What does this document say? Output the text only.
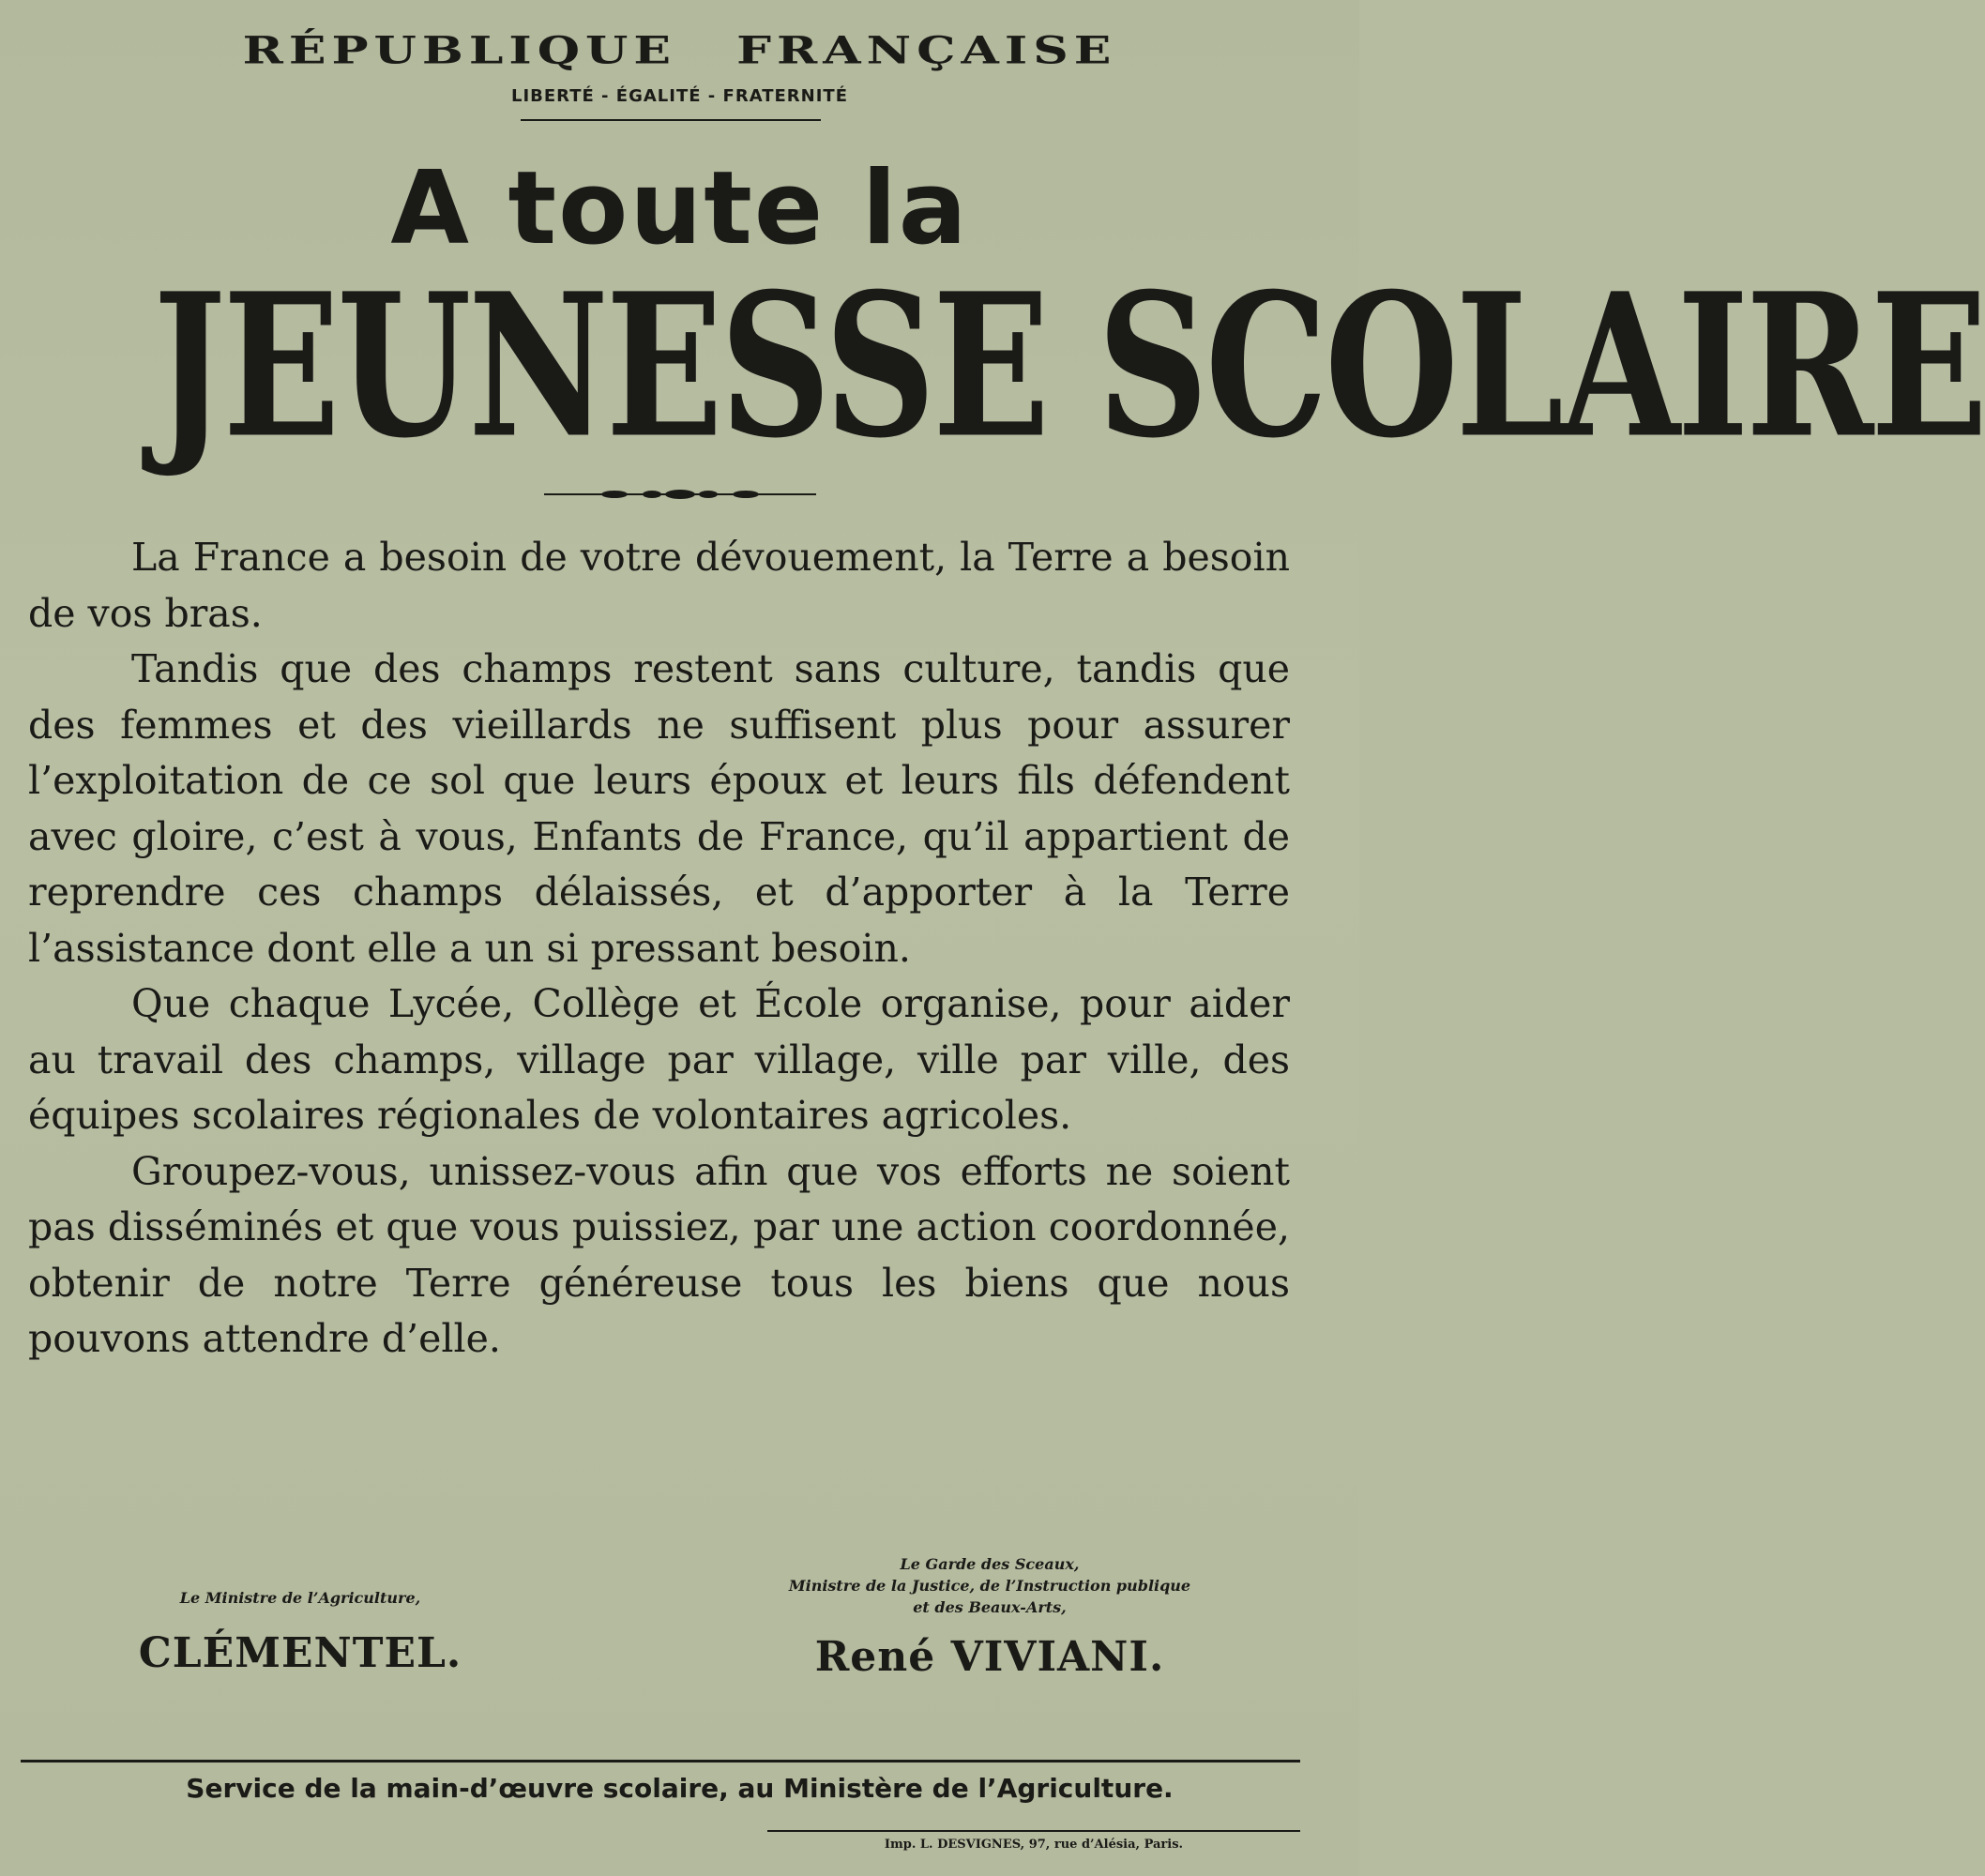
RÉPUBLIQUE FRANÇAISE
LIBERTÉ - ÉGALITÉ - FRATERNITÉ
A toute la
JEUNESSE SCOLAIRE

La France a besoin de votre dévouement, la Terre a besoin de vos bras.

Tandis que des champs restent sans culture, tandis que des femmes et des vieillards ne suffisent plus pour assurer l’exploitation de ce sol que leurs époux et leurs fils défendent avec gloire, c’est à vous, Enfants de France, qu’il appartient de reprendre ces champs délaissés, et d’apporter à la Terre l’assistance dont elle a un si pressant besoin.

Que chaque Lycée, Collège et École organise, pour aider au travail des champs, village par village, ville par ville, des équipes scolaires régionales de volontaires agricoles.

Groupez-vous, unissez-vous afin que vos efforts ne soient pas disséminés et que vous puissiez, par une action coordonnée, obtenir de notre Terre généreuse tous les biens que nous pouvons attendre d’elle.

Le Ministre de l’Agriculture,
CLÉMENTEL.
Le Garde des Sceaux,
Ministre de la Justice, de l’Instruction publique
et des Beaux-Arts,
René VIVIANI.
Service de la main-d’œuvre scolaire, au Ministère de l’Agriculture.
Imp. L. DESVIGNES, 97, rue d’Alésia, Paris.
